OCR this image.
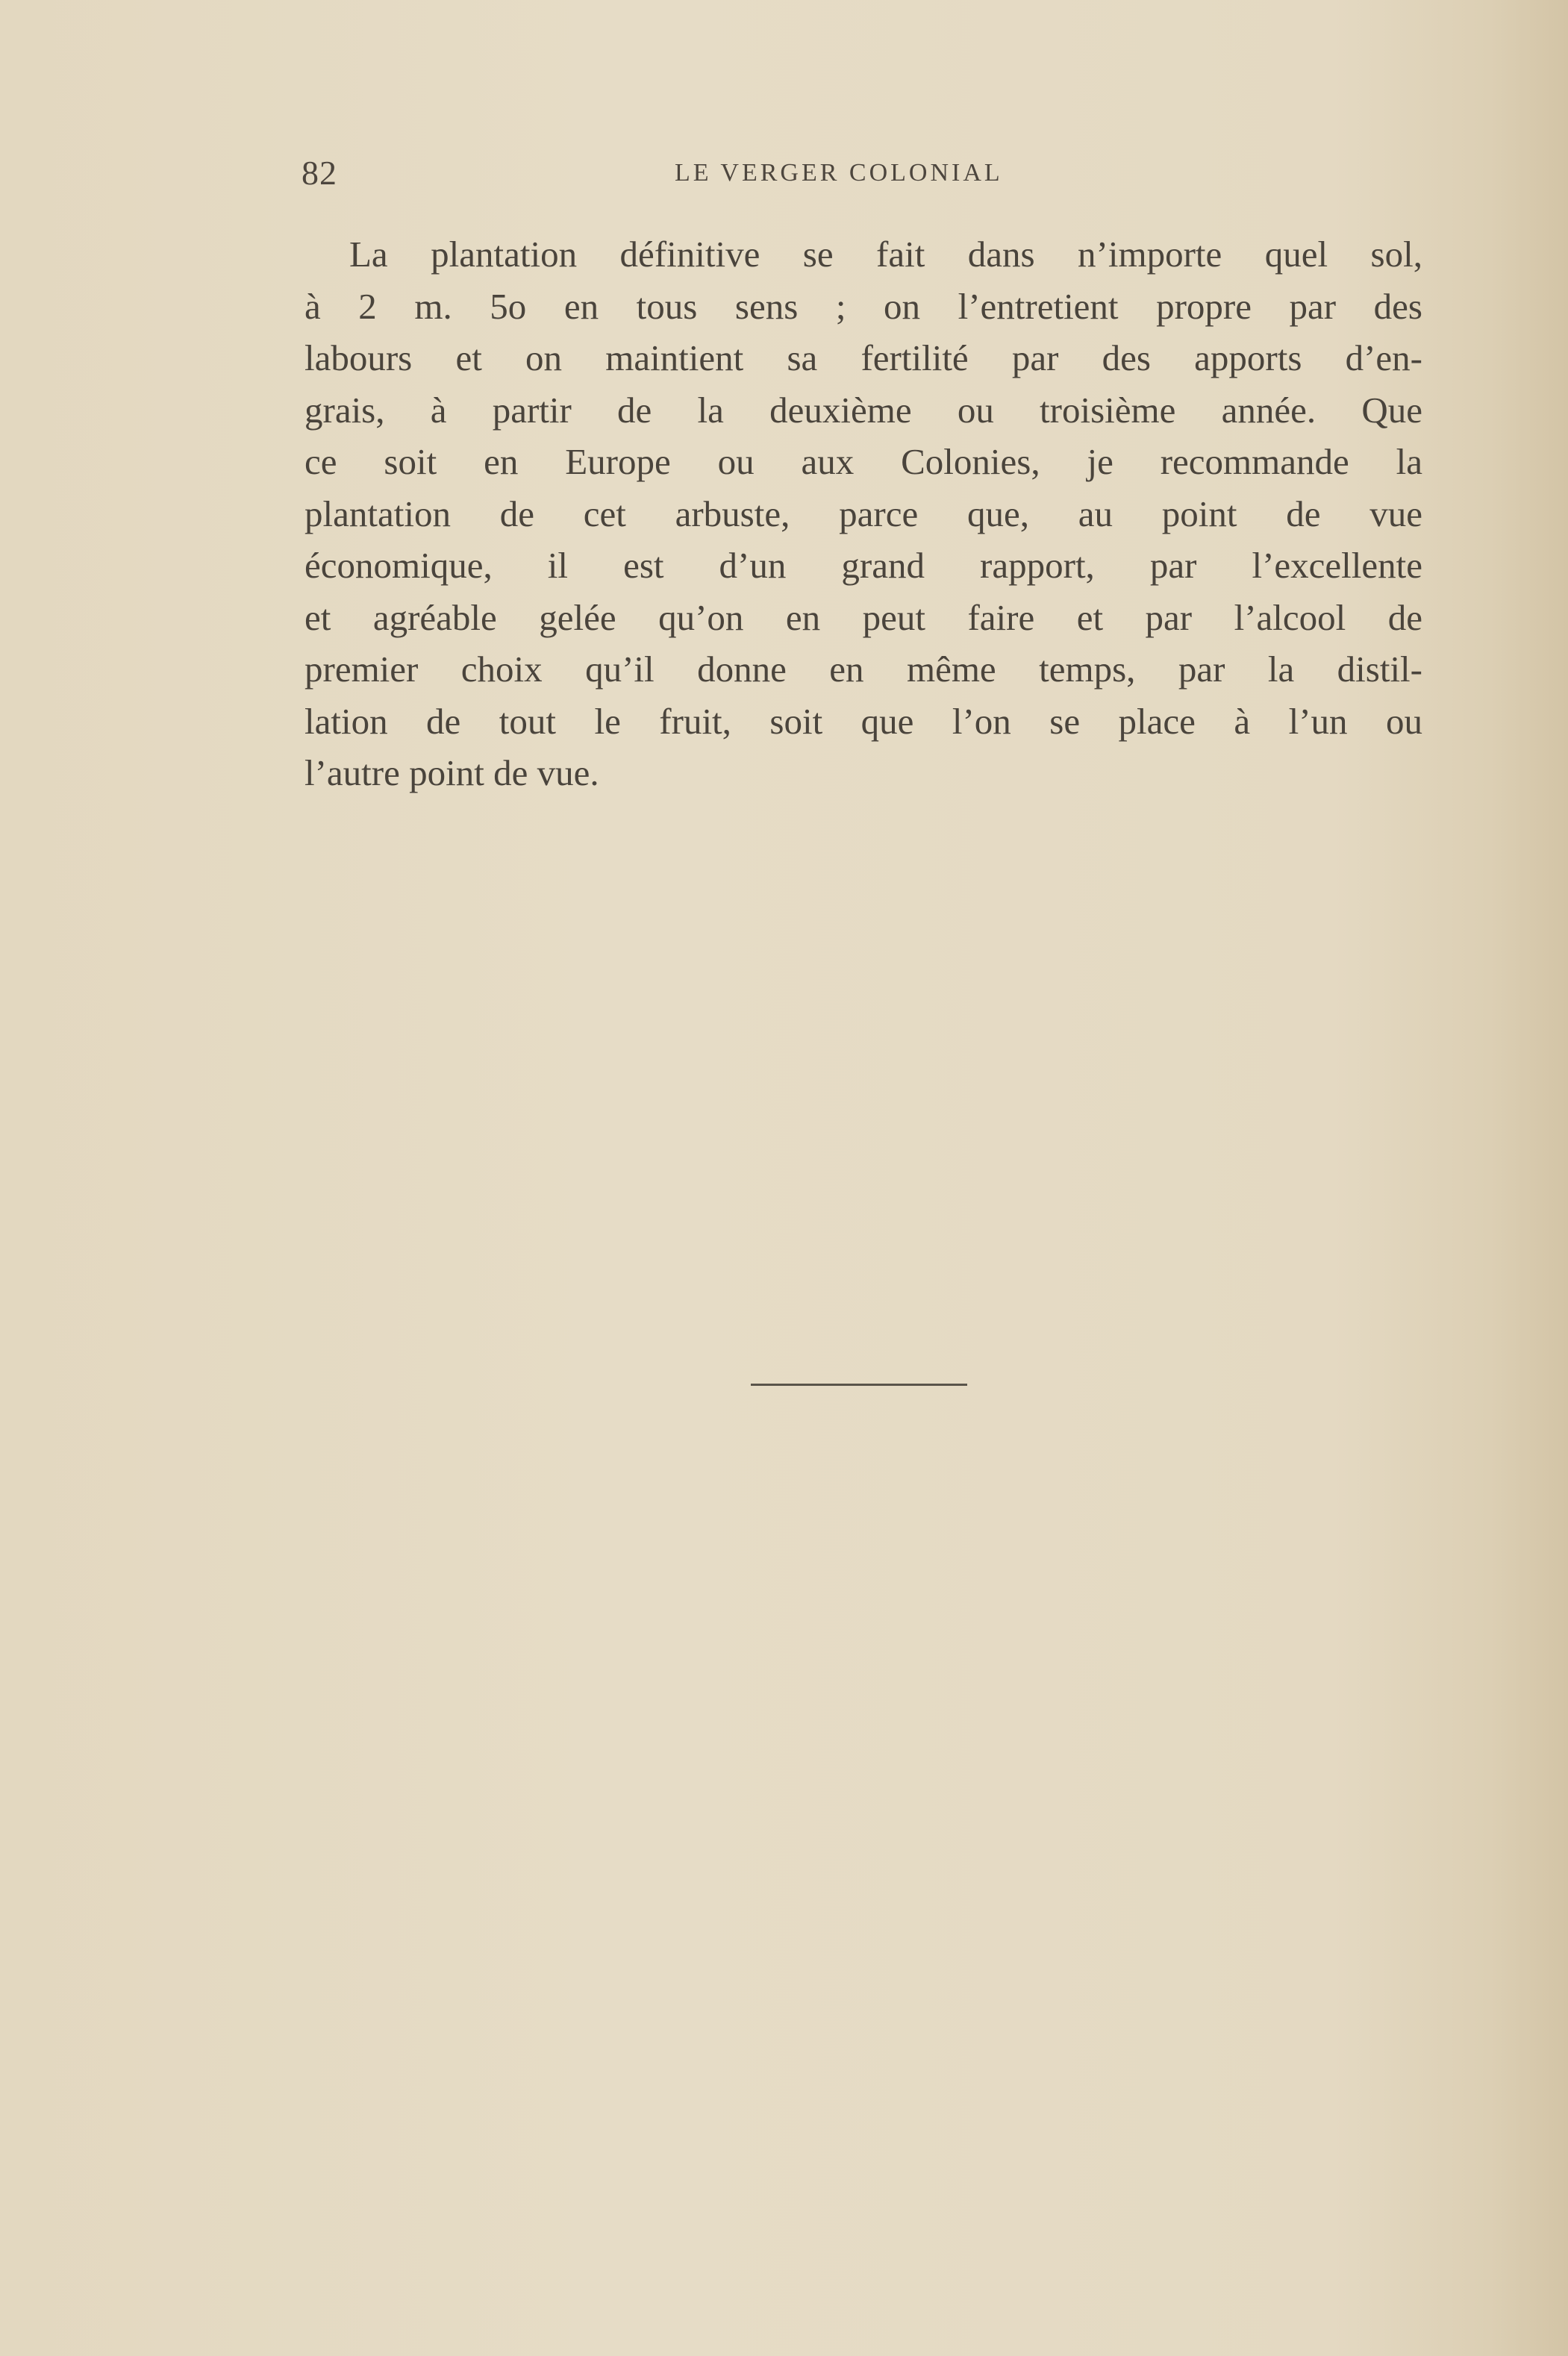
82	LE VERGER COLONIAL
La plantation définitive se fait dans n’importe quel sol,
à 2 m. 5o en tous sens ; on l’entretient propre par des
labours et on maintient sa fertilité par des apports d’en-
grais, à partir de la deuxième ou troisième année. Que
ce soit en Europe ou aux Colonies, je recommande la
plantation de cet arbuste, parce que, au point de vue
économique, il est d’un grand rapport, par l’excellente
et agréable gelée qu’on en peut faire et par l’alcool de
premier choix qu’il donne en même temps, par la distil-
lation de tout le fruit, soit que l’on se place à l’un ou
l’autre point de vue.
